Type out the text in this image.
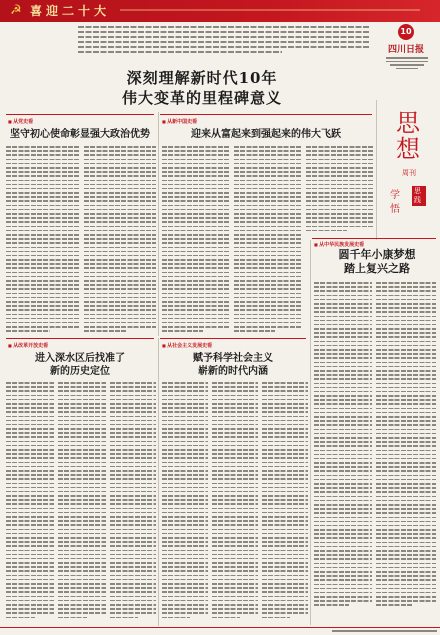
☭ 喜迎二十大
10
四川日报
深刻理解新时代10年
伟大变革的里程碑意义
思想
周刊
学 思践
悟
■ 从党史看
坚守初心使命彰显强大政治优势
■ 从新中国史看
迎来从富起来到强起来的伟大飞跃
■ 从中华民族发展史看
圆千年小康梦想
踏上复兴之路
■ 从改革开放史看
进入深水区后找准了
新的历史定位
■ 从社会主义发展史看
赋予科学社会主义
崭新的时代内涵
